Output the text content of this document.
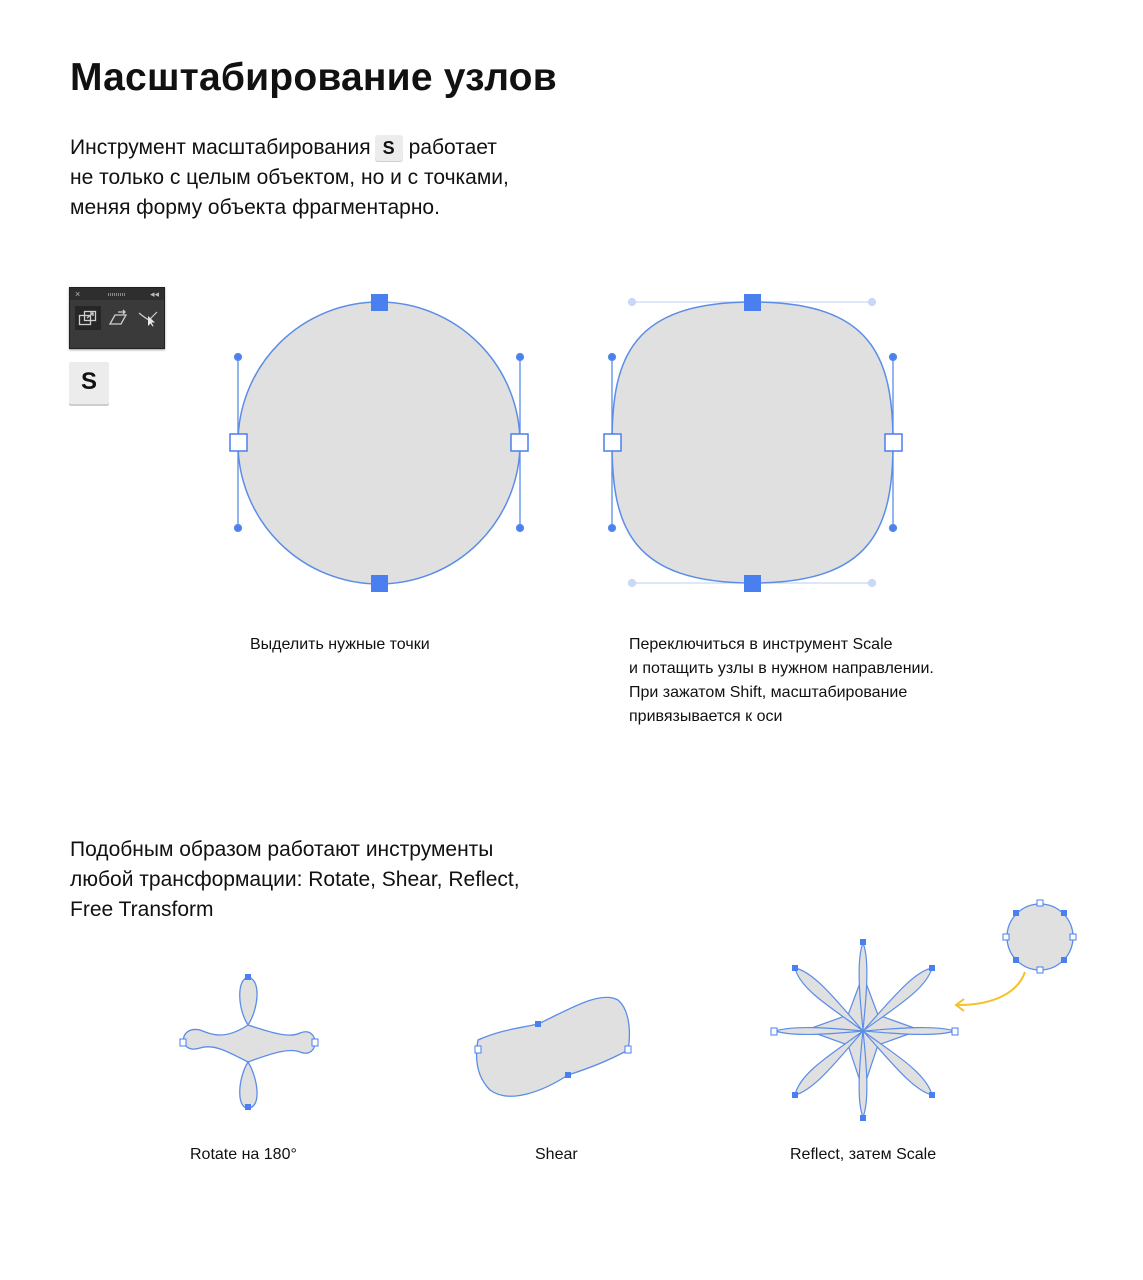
Масштабирование узлов
Инструмент масштабирования S работает
не только с целым объектом, но и с точками,
меняя форму объекта фрагментарно.
×	◂◂
S
Выделить нужные точки	Переключиться в инструмент Scale
и потащить узлы в нужном направлении.
При зажатом Shift, масштабирование
привязывается к оси
Подобным образом работают инструменты
любой трансформации: Rotate, Shear, Reflect,
Free Transform
Rotate на 180°	Shear	Reflect, затем Scale
